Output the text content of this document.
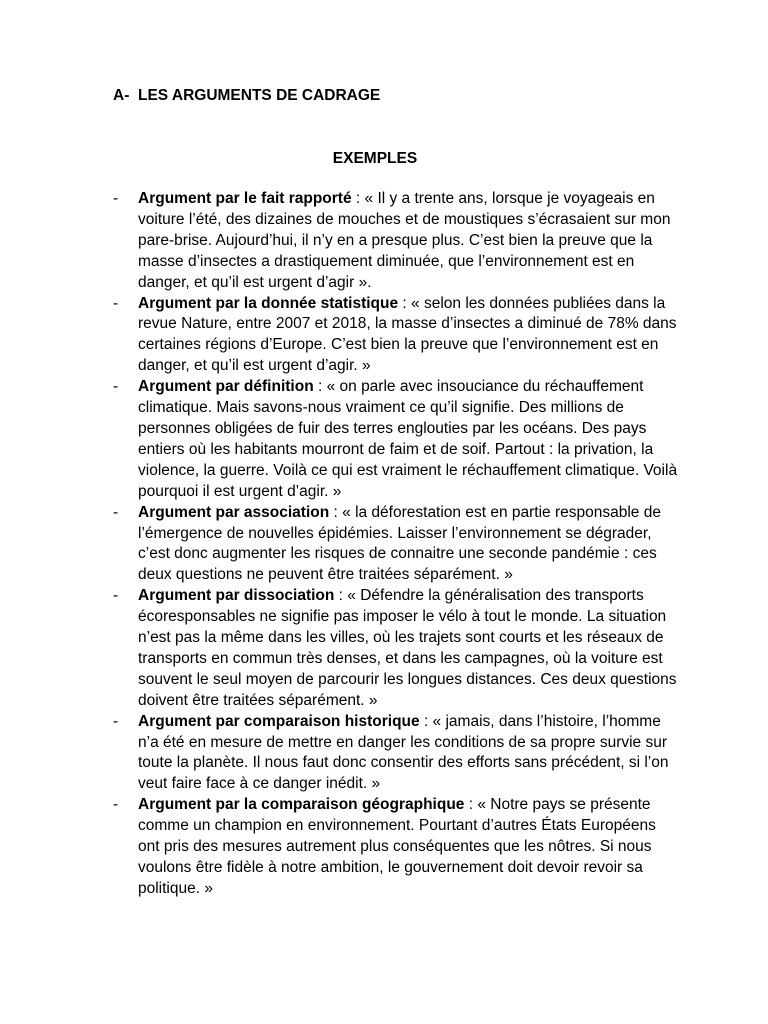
A- LES ARGUMENTS DE CADRAGE
EXEMPLES
- Argument par le fait rapporté : « Il y a trente ans, lorsque je voyageais en voiture l’été, des dizaines de mouches et de moustiques s’écrasaient sur mon pare-brise. Aujourd’hui, il n’y en a presque plus. C’est bien la preuve que la masse d’insectes a drastiquement diminuée, que l’environnement est en danger, et qu’il est urgent d’agir ».
- Argument par la donnée statistique : « selon les données publiées dans la revue Nature, entre 2007 et 2018, la masse d’insectes a diminué de 78% dans certaines régions d’Europe. C’est bien la preuve que l’environnement est en danger, et qu’il est urgent d’agir. »
- Argument par définition : « on parle avec insouciance du réchauffement climatique. Mais savons-nous vraiment ce qu’il signifie. Des millions de personnes obligées de fuir des terres englouties par les océans. Des pays entiers où les habitants mourront de faim et de soif. Partout : la privation, la violence, la guerre. Voilà ce qui est vraiment le réchauffement climatique. Voilà pourquoi il est urgent d’agir. »
- Argument par association : « la déforestation est en partie responsable de l’émergence de nouvelles épidémies. Laisser l’environnement se dégrader, c’est donc augmenter les risques de connaitre une seconde pandémie : ces deux questions ne peuvent être traitées séparément. »
- Argument par dissociation : « Défendre la généralisation des transports écoresponsables ne signifie pas imposer le vélo à tout le monde. La situation n’est pas la même dans les villes, où les trajets sont courts et les réseaux de transports en commun très denses, et dans les campagnes, où la voiture est souvent le seul moyen de parcourir les longues distances. Ces deux questions doivent être traitées séparément. »
- Argument par comparaison historique : « jamais, dans l’histoire, l’homme n’a été en mesure de mettre en danger les conditions de sa propre survie sur toute la planète. Il nous faut donc consentir des efforts sans précédent, si l’on veut faire face à ce danger inédit. »
- Argument par la comparaison géographique : « Notre pays se présente comme un champion en environnement. Pourtant d’autres États Européens ont pris des mesures autrement plus conséquentes que les nôtres. Si nous voulons être fidèle à notre ambition, le gouvernement doit devoir revoir sa politique. »
